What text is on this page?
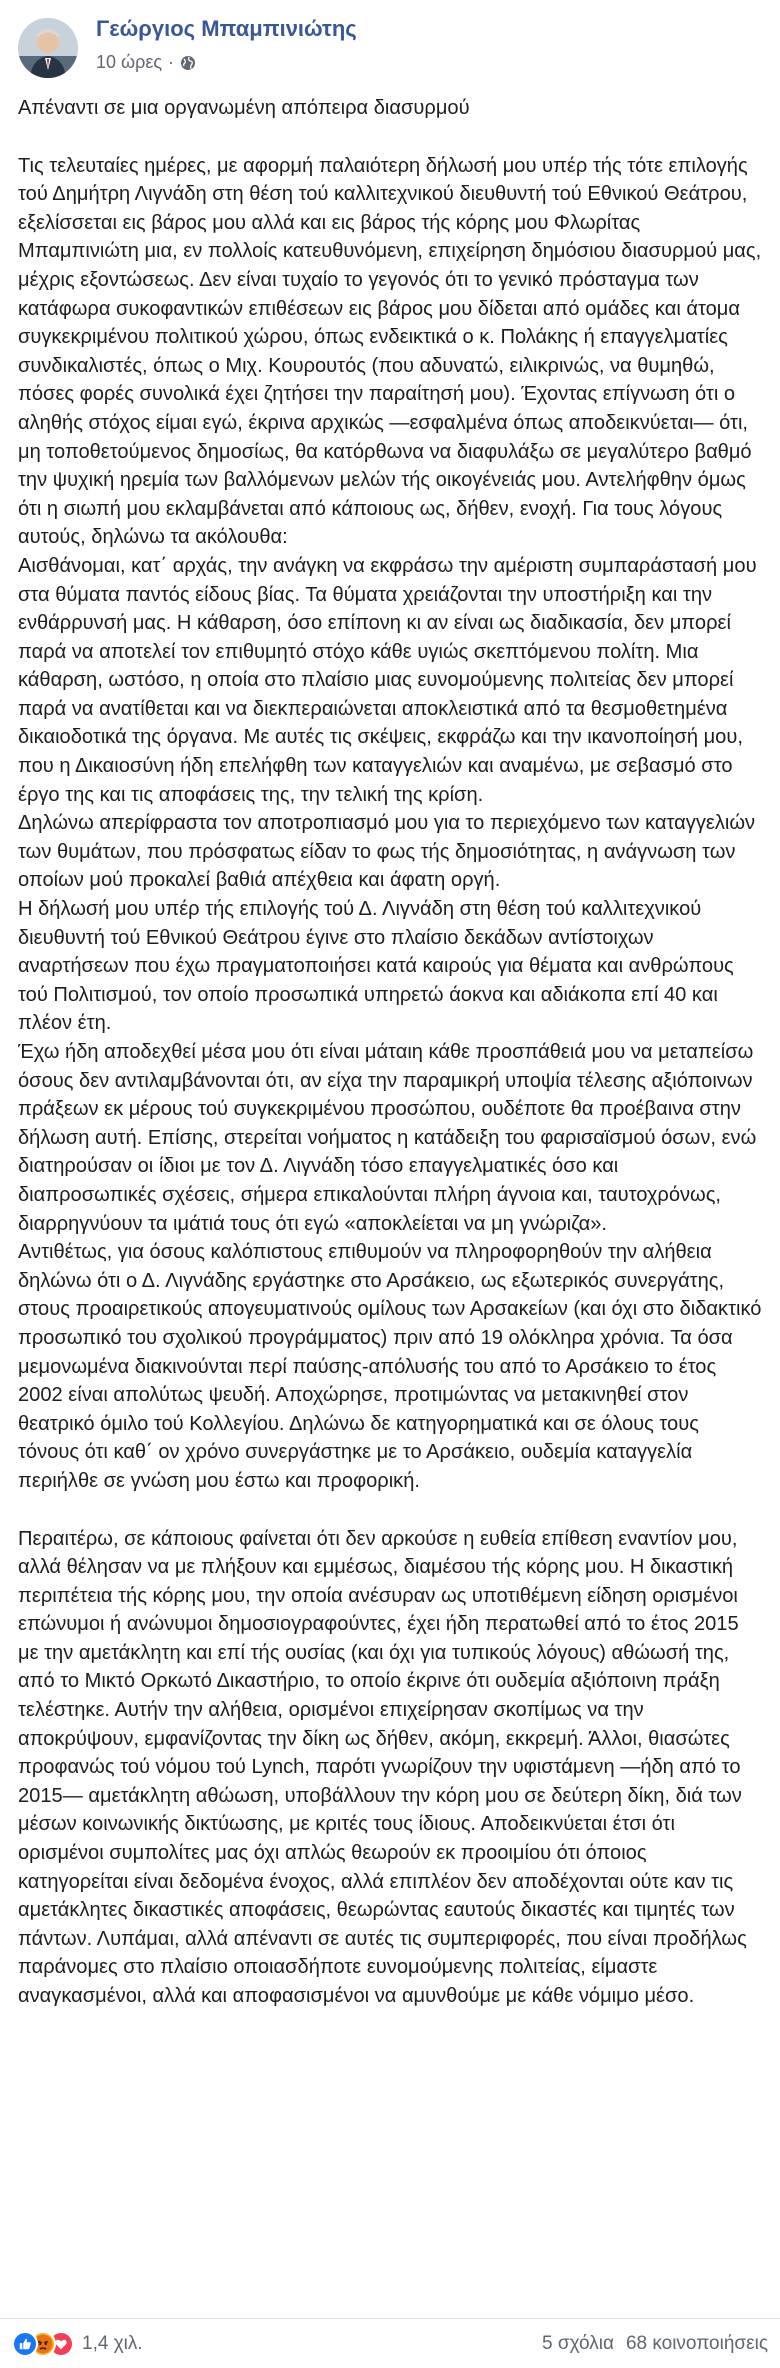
Γεώργιος Μπαμπινιώτης
10 ώρες ·

Απέναντι σε μια οργανωμένη απόπειρα διασυρμού

Τις τελευταίες ημέρες, με αφορμή παλαιότερη δήλωσή μου υπέρ τής τότε επιλογής τού Δημήτρη Λιγνάδη στη θέση τού καλλιτεχνικού διευθυντή τού Εθνικού Θεάτρου, εξελίσσεται εις βάρος μου αλλά και εις βάρος τής κόρης μου Φλωρίτας Μπαμπινιώτη μια, εν πολλοίς κατευθυνόμενη, επιχείρηση δημόσιου διασυρμού μας, μέχρις εξοντώσεως. Δεν είναι τυχαίο το γεγονός ότι το γενικό πρόσταγμα των κατάφωρα συκοφαντικών επιθέσεων εις βάρος μου δίδεται από ομάδες και άτομα συγκεκριμένου πολιτικού χώρου, όπως ενδεικτικά ο κ. Πολάκης ή επαγγελματίες συνδικαλιστές, όπως ο Μιχ. Κουρουτός (που αδυνατώ, ειλικρινώς, να θυμηθώ, πόσες φορές συνολικά έχει ζητήσει την παραίτησή μου). Έχοντας επίγνωση ότι ο αληθής στόχος είμαι εγώ, έκρινα αρχικώς —εσφαλμένα όπως αποδεικνύεται— ότι, μη τοποθετούμενος δημοσίως, θα κατόρθωνα να διαφυλάξω σε μεγαλύτερο βαθμό την ψυχική ηρεμία των βαλλόμενων μελών τής οικογένειάς μου. Αντελήφθην όμως ότι η σιωπή μου εκλαμβάνεται από κάποιους ως, δήθεν, ενοχή. Για τους λόγους αυτούς, δηλώνω τα ακόλουθα:

Αισθάνομαι, κατ΄ αρχάς, την ανάγκη να εκφράσω την αμέριστη συμπαράστασή μου στα θύματα παντός είδους βίας. Τα θύματα χρειάζονται την υποστήριξη και την ενθάρρυνσή μας. Η κάθαρση, όσο επίπονη κι αν είναι ως διαδικασία, δεν μπορεί παρά να αποτελεί τον επιθυμητό στόχο κάθε υγιώς σκεπτόμενου πολίτη. Μια κάθαρση, ωστόσο, η οποία στο πλαίσιο μιας ευνομούμενης πολιτείας δεν μπορεί παρά να ανατίθεται και να διεκπεραιώνεται αποκλειστικά από τα θεσμοθετημένα δικαιοδοτικά της όργανα. Με αυτές τις σκέψεις, εκφράζω και την ικανοποίησή μου, που η Δικαιοσύνη ήδη επελήφθη των καταγγελιών και αναμένω, με σεβασμό στο έργο της και τις αποφάσεις της, την τελική της κρίση.

Δηλώνω απερίφραστα τον αποτροπιασμό μου για το περιεχόμενο των καταγγελιών των θυμάτων, που πρόσφατως είδαν το φως τής δημοσιότητας, η ανάγνωση των οποίων μού προκαλεί βαθιά απέχθεια και άφατη οργή.

Η δήλωσή μου υπέρ τής επιλογής τού Δ. Λιγνάδη στη θέση τού καλλιτεχνικού διευθυντή τού Εθνικού Θεάτρου έγινε στο πλαίσιο δεκάδων αντίστοιχων αναρτήσεων που έχω πραγματοποιήσει κατά καιρούς για θέματα και ανθρώπους τού Πολιτισμού, τον οποίο προσωπικά υπηρετώ άοκνα και αδιάκοπα επί 40 και πλέον έτη.

Έχω ήδη αποδεχθεί μέσα μου ότι είναι μάταιη κάθε προσπάθειά μου να μεταπείσω όσους δεν αντιλαμβάνονται ότι, αν είχα την παραμικρή υποψία τέλεσης αξιόποινων πράξεων εκ μέρους τού συγκεκριμένου προσώπου, ουδέποτε θα προέβαινα στην δήλωση αυτή. Επίσης, στερείται νοήματος η κατάδειξη του φαρισαϊσμού όσων, ενώ διατηρούσαν οι ίδιοι με τον Δ. Λιγνάδη τόσο επαγγελματικές όσο και διαπροσωπικές σχέσεις, σήμερα επικαλούνται πλήρη άγνοια και, ταυτοχρόνως, διαρρηγνύουν τα ιμάτιά τους ότι εγώ «αποκλείεται να μη γνώριζα».

Αντιθέτως, για όσους καλόπιστους επιθυμούν να πληροφορηθούν την αλήθεια δηλώνω ότι ο Δ. Λιγνάδης εργάστηκε στο Αρσάκειο, ως εξωτερικός συνεργάτης, στους προαιρετικούς απογευματινούς ομίλους των Αρσακείων (και όχι στο διδακτικό προσωπικό του σχολικού προγράμματος) πριν από 19 ολόκληρα χρόνια. Τα όσα μεμονωμένα διακινούνται περί παύσης-απόλυσής του από το Αρσάκειο το έτος 2002 είναι απολύτως ψευδή. Αποχώρησε, προτιμώντας να μετακινηθεί στον θεατρικό όμιλο τού Κολλεγίου. Δηλώνω δε κατηγορηματικά και σε όλους τους τόνους ότι καθ΄ ον χρόνο συνεργάστηκε με το Αρσάκειο, ουδεμία καταγγελία περιήλθε σε γνώση μου έστω και προφορική.

Περαιτέρω, σε κάποιους φαίνεται ότι δεν αρκούσε η ευθεία επίθεση εναντίον μου, αλλά θέλησαν να με πλήξουν και εμμέσως, διαμέσου τής κόρης μου. Η δικαστική περιπέτεια τής κόρης μου, την οποία ανέσυραν ως υποτιθέμενη είδηση ορισμένοι επώνυμοι ή ανώνυμοι δημοσιογραφούντες, έχει ήδη περατωθεί από το έτος 2015 με την αμετάκλητη και επί τής ουσίας (και όχι για τυπικούς λόγους) αθώωσή της, από το Μικτό Ορκωτό Δικαστήριο, το οποίο έκρινε ότι ουδεμία αξιόποινη πράξη τελέστηκε. Αυτήν την αλήθεια, ορισμένοι επιχείρησαν σκοπίμως να την αποκρύψουν, εμφανίζοντας την δίκη ως δήθεν, ακόμη, εκκρεμή. Άλλοι, θιασώτες προφανώς τού νόμου τού Lynch, παρότι γνωρίζουν την υφιστάμενη —ήδη από το 2015— αμετάκλητη αθώωση, υποβάλλουν την κόρη μου σε δεύτερη δίκη, διά των μέσων κοινωνικής δικτύωσης, με κριτές τους ίδιους. Αποδεικνύεται έτσι ότι ορισμένοι συμπολίτες μας όχι απλώς θεωρούν εκ προοιμίου ότι όποιος κατηγορείται είναι δεδομένα ένοχος, αλλά επιπλέον δεν αποδέχονται ούτε καν τις αμετάκλητες δικαστικές αποφάσεις, θεωρώντας εαυτούς δικαστές και τιμητές των πάντων. Λυπάμαι, αλλά απέναντι σε αυτές τις συμπεριφορές, που είναι προδήλως παράνομες στο πλαίσιο οποιασδήποτε ευνομούμενης πολιτείας, είμαστε αναγκασμένοι, αλλά και αποφασισμένοι να αμυνθούμε με κάθε νόμιμο μέσο.

1,4 χιλ.	5 σχόλια 68 κοινοποιήσεις
